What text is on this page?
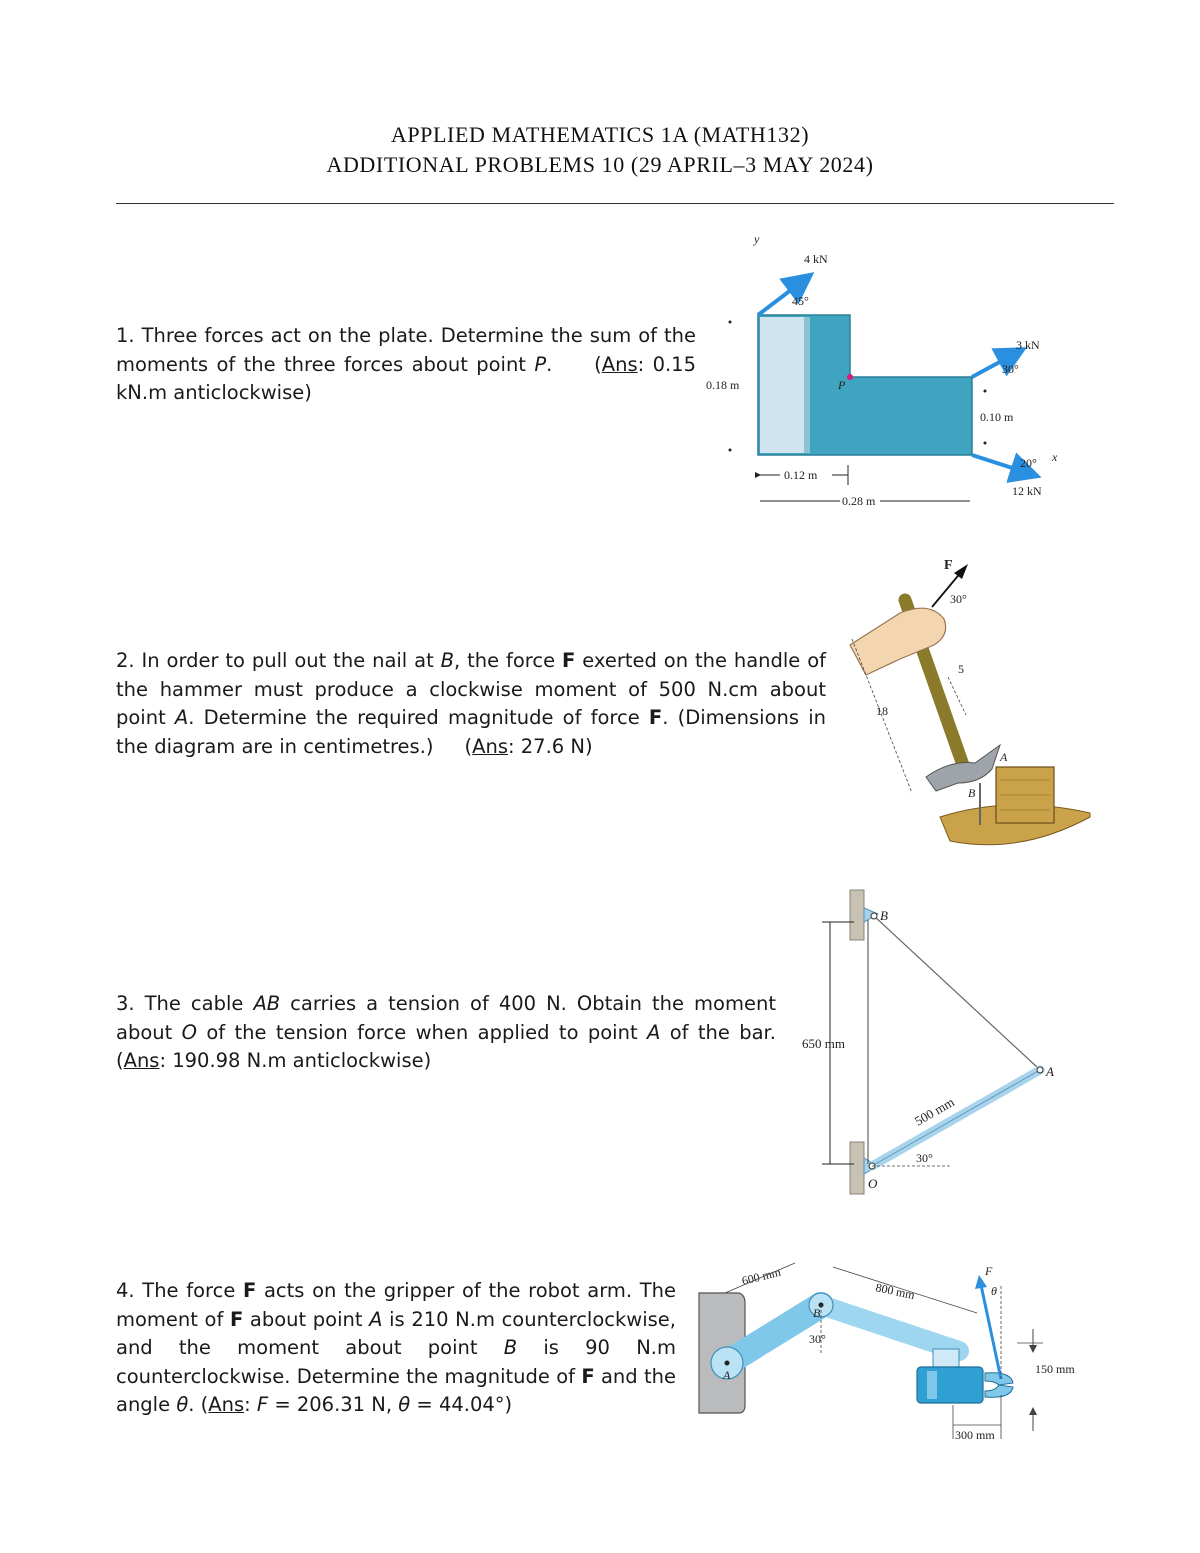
APPLIED MATHEMATICS 1A (MATH132)
ADDITIONAL PROBLEMS 10 (29 APRIL–3 MAY 2024)
1. Three forces act on the plate. Determine the sum of the moments of the three forces about point P. (Ans: 0.15 kN.m anticlockwise)
4 kN
45°
y
3 kN
30°
12 kN
20° x
P
0.18 m
0.10 m
0.12 m
0.28 m
2. In order to pull out the nail at B, the force F exerted on the handle of the hammer must produce a clockwise moment of 500 N.cm about point A. Determine the required magnitude of force F. (Dimensions in the diagram are in centimetres.) (Ans: 27.6 N)
F
30°
18
5
A
B
3. The cable AB carries a tension of 400 N. Obtain the moment about O of the tension force when applied to point A of the bar. (Ans: 190.98 N.m anticlockwise)
650 mm
B
A
O
500 mm
30°
4. The force F acts on the gripper of the robot arm. The moment of F about point A is 210 N.m counterclockwise, and the moment about point B is 90 N.m counterclockwise. Determine the magnitude of F and the angle θ. (Ans: F = 206.31 N, θ = 44.04°)
A
B
600 mm
800 mm
30°
F
θ
150 mm
300 mm
